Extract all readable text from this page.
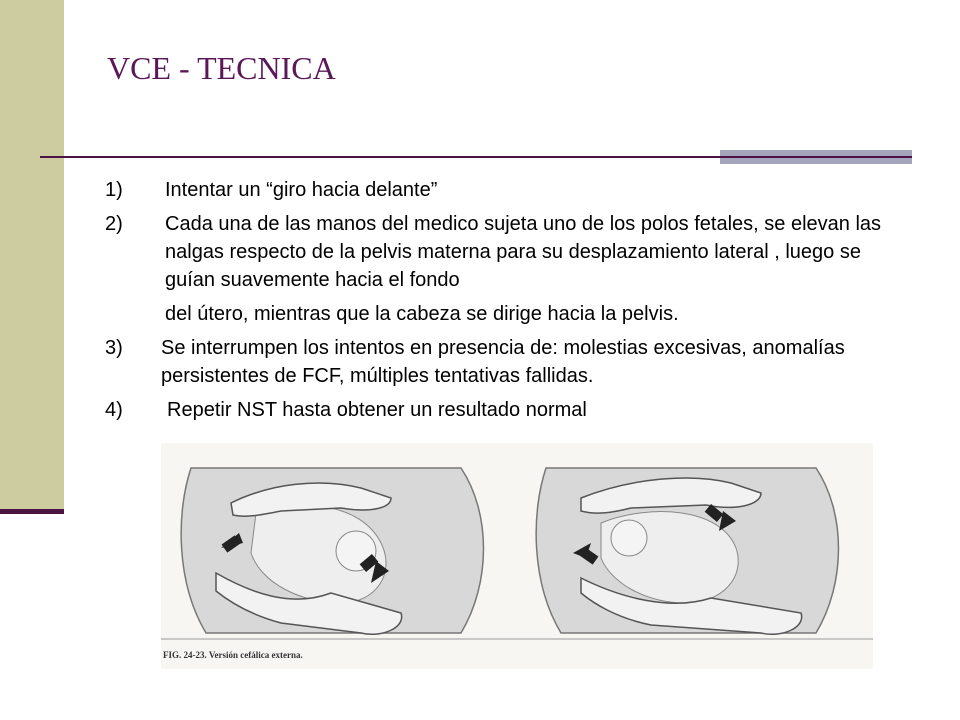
VCE - TECNICA
1) Intentar un “giro hacia delante”
2) Cada una de las manos del medico sujeta uno de los polos fetales, se elevan las nalgas respecto de la pelvis materna para su desplazamiento lateral , luego se guían suavemente hacia el fondo
del útero, mientras que la cabeza se dirige hacia la pelvis.
3) Se interrumpen los intentos en presencia de: molestias excesivas, anomalías persistentes de FCF, múltiples tentativas fallidas.
4) Repetir NST hasta obtener un resultado normal
FIG. 24-23. Versión cefálica externa.
